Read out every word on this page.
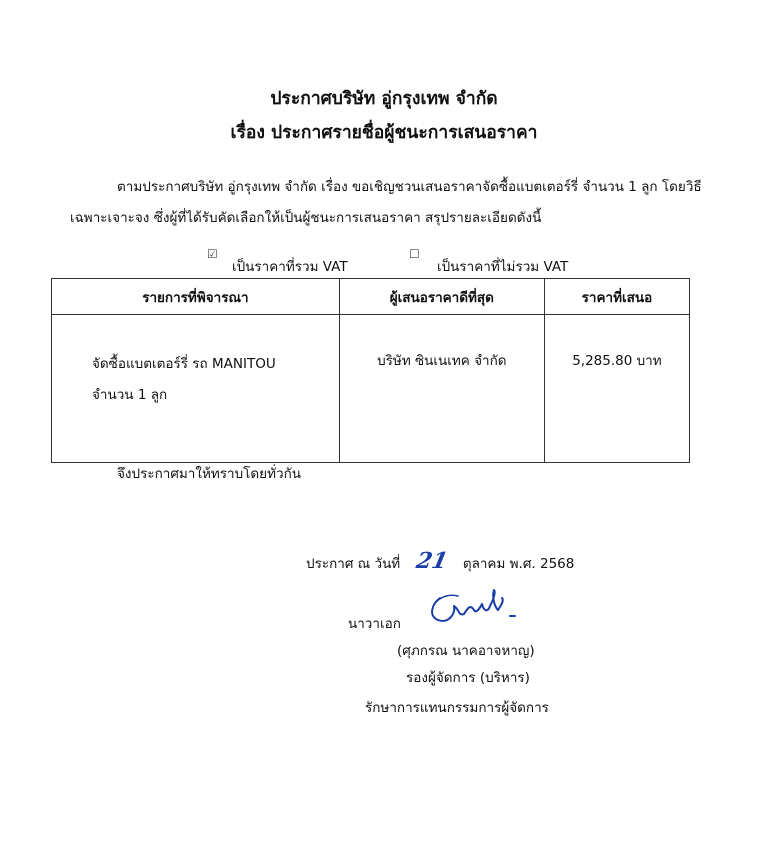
ประกาศบริษัท อู่กรุงเทพ จำกัด
เรื่อง ประกาศรายชื่อผู้ชนะการเสนอราคา
ตามประกาศบริษัท อู่กรุงเทพ จำกัด เรื่อง ขอเชิญชวนเสนอราคาจัดซื้อแบตเตอร์รี่ จำนวน 1 ลูก โดยวิธี
เฉพาะเจาะจง ซึ่งผู้ที่ได้รับคัดเลือกให้เป็นผู้ชนะการเสนอราคา สรุปรายละเอียดดังนี้
☑
เป็นราคาที่รวม VAT
☐
เป็นราคาที่ไม่รวม VAT
รายการที่พิจารณา	ผู้เสนอราคาดีที่สุด	ราคาที่เสนอ

จัดซื้อแบตเตอร์รี่ รถ MANITOU
จำนวน 1 ลูก	บริษัท ซินเนเทค จำกัด	5,285.80 บาท
จึงประกาศมาให้ทราบโดยทั่วกัน
ประกาศ ณ วันที่ 21 ตุลาคม พ.ศ. 2568
นาวาเอก
(ศุภกรณ นาคอาจหาญ)
รองผู้จัดการ (บริหาร)
รักษาการแทนกรรมการผู้จัดการ
